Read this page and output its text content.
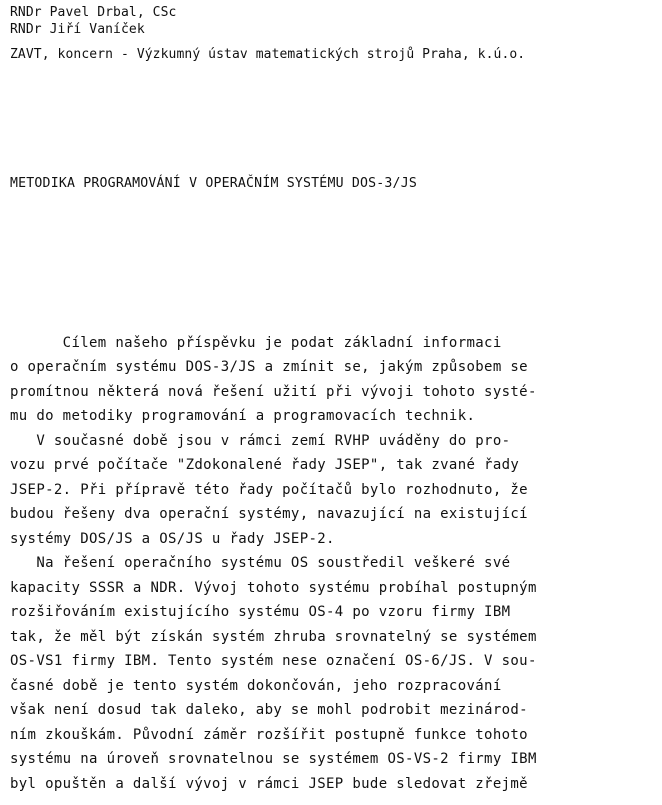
RNDr Pavel Drbal, CSc
RNDr Jiří Vaníček
ZAVT, koncern - Výzkumný ústav matematických strojů Praha, k.ú.o.
METODIKA PROGRAMOVÁNÍ V OPERAČNÍM SYSTÉMU DOS-3/JS
Cílem našeho příspěvku je podat základní informaci
o operačním systému DOS-3/JS a zmínit se, jakým způsobem se
promítnou některá nová řešení užití při vývoji tohoto systé-
mu do metodiky programování a programovacích technik.
V současné době jsou v rámci zemí RVHP uváděny do pro-
vozu prvé počítače "Zdokonalené řady JSEP", tak zvané řady
JSEP-2. Při přípravě této řady počítačů bylo rozhodnuto, že
budou řešeny dva operační systémy, navazující na existující
systémy DOS/JS a OS/JS u řady JSEP-2.
Na řešení operačního systému OS soustředil veškeré své
kapacity SSSR a NDR. Vývoj tohoto systému probíhal postupným
rozšiřováním existujícího systému OS-4 po vzoru firmy IBM
tak, že měl být získán systém zhruba srovnatelný se systémem
OS-VS1 firmy IBM. Tento systém nese označení OS-6/JS. V sou-
časné době je tento systém dokončován, jeho rozpracování
však není dosud tak daleko, aby se mohl podrobit mezinárod-
ním zkouškám. Původní záměr rozšířit postupně funkce tohoto
systému na úroveň srovnatelnou se systémem OS-VS-2 firmy IBM
byl opuštěn a další vývoj v rámci JSEP bude sledovat zřejmě
